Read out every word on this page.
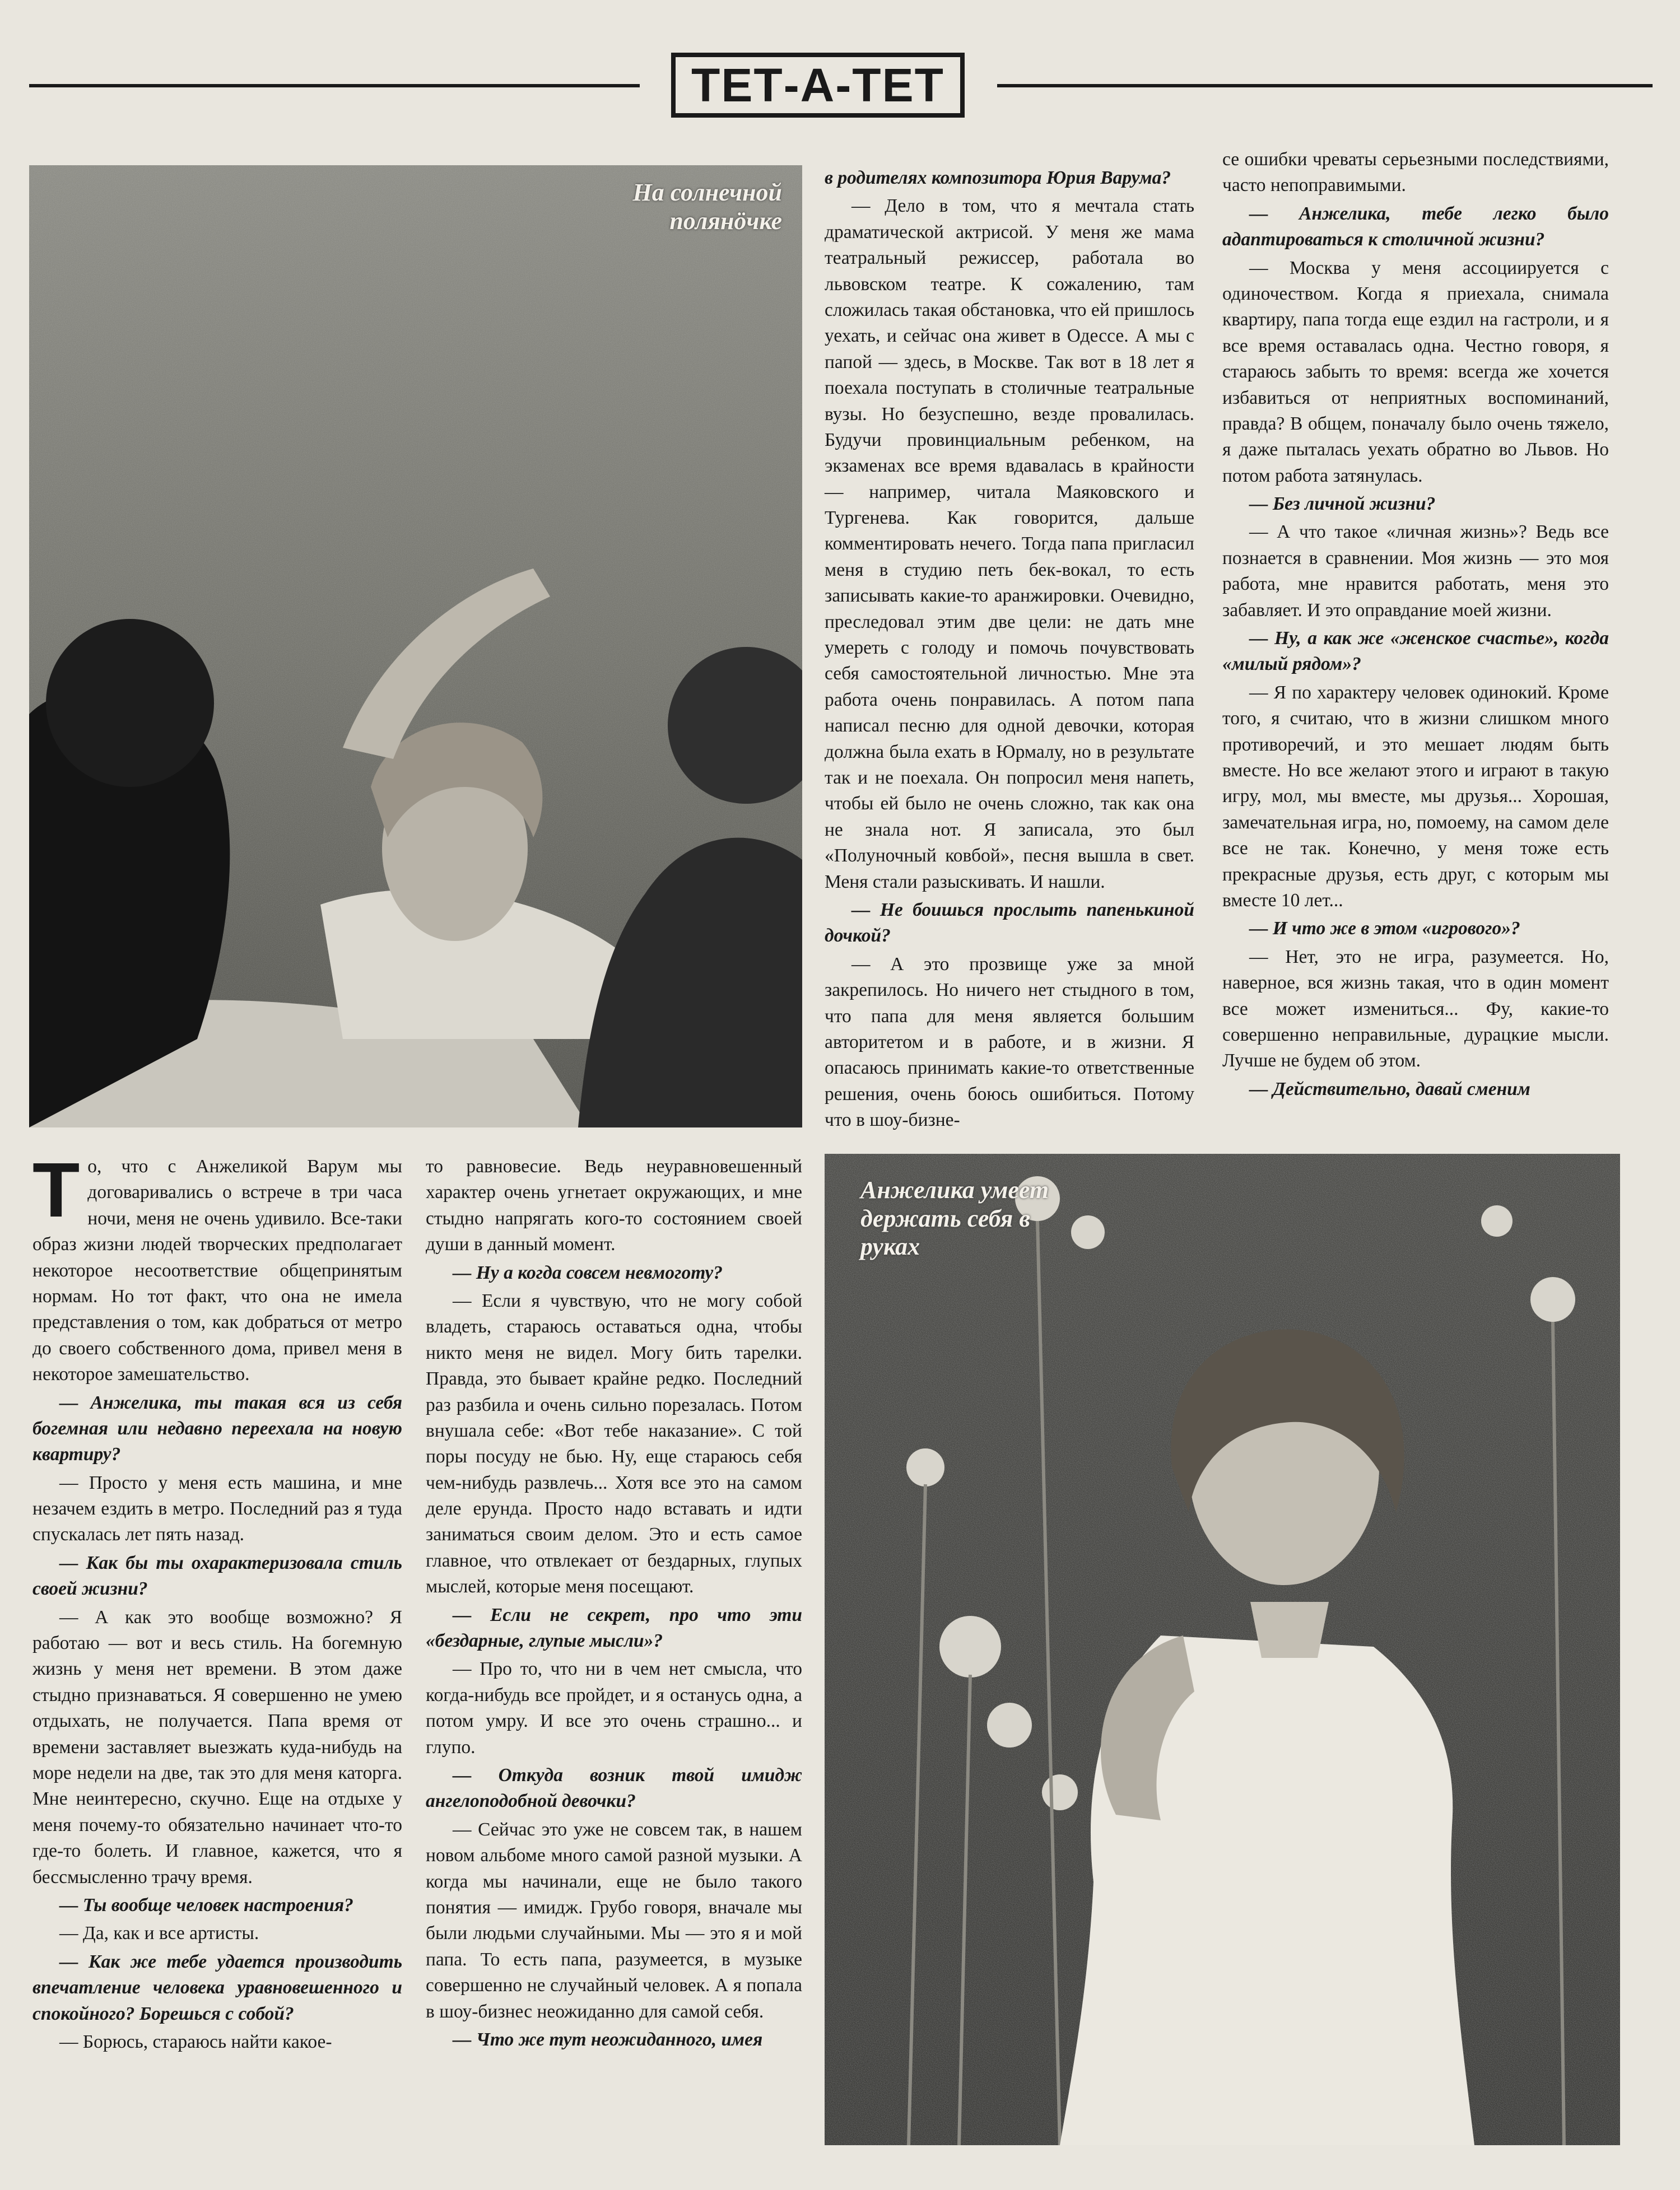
ТЕТ-А-ТЕТ
На солнечной полянöчке
Анжелика умеет держать себя в руках

То, что с Анжеликой Варум мы договаривались о встрече в три часа ночи, меня не очень удивило. Все-таки образ жизни людей творческих предполагает некоторое несоответствие общепринятым нормам. Но тот факт, что она не имела представления о том, как добраться от метро до своего собственного дома, привел меня в некоторое замешательство.

— Анжелика, ты такая вся из себя богемная или недавно переехала на новую квартиру?

— Просто у меня есть машина, и мне незачем ездить в метро. Последний раз я туда спускалась лет пять назад.

— Как бы ты охарактеризовала стиль своей жизни?

— А как это вообще возможно? Я работаю — вот и весь стиль. На богемную жизнь у меня нет времени. В этом даже стыдно признаваться. Я совершенно не умею отдыхать, не получается. Папа время от времени заставляет выезжать куда-нибудь на море недели на две, так это для меня каторга. Мне неинтересно, скучно. Еще на отдыхе у меня почему-то обязательно начинает что-то где-то болеть. И главное, кажется, что я бессмысленно трачу время.

— Ты вообще человек настроения?

— Да, как и все артисты.

— Как же тебе удается производить впечатление человека уравновешенного и спокойного? Борешься с собой?

— Борюсь, стараюсь найти какое-

то равновесие. Ведь неуравновешенный характер очень угнетает окружающих, и мне стыдно напрягать кого-то состоянием своей души в данный момент.

— Ну а когда совсем невмоготу?

— Если я чувствую, что не могу собой владеть, стараюсь оставаться одна, чтобы никто меня не видел. Могу бить тарелки. Правда, это бывает крайне редко. Последний раз разбила и очень сильно порезалась. Потом внушала себе: «Вот тебе наказание». С той поры посуду не бью. Ну, еще стараюсь себя чем-нибудь развлечь... Хотя все это на самом деле ерунда. Просто надо вставать и идти заниматься своим делом. Это и есть самое главное, что отвлекает от бездарных, глупых мыслей, которые меня посещают.

— Если не секрет, про что эти «бездарные, глупые мысли»?

— Про то, что ни в чем нет смысла, что когда-нибудь все пройдет, и я останусь одна, а потом умру. И все это очень страшно... и глупо.

— Откуда возник твой имидж ангелоподобной девочки?

— Сейчас это уже не совсем так, в нашем новом альбоме много самой разной музыки. А когда мы начинали, еще не было такого понятия — имидж. Грубо говоря, вначале мы были людьми случайными. Мы — это я и мой папа. То есть папа, разумеется, в музыке совершенно не случайный человек. А я попала в шоу-бизнес неожиданно для самой себя.

— Что же тут неожиданного, имея

в родителях композитора Юрия Варума?

— Дело в том, что я мечтала стать драматической актрисой. У меня же мама театральный режиссер, работала во львовском театре. К сожалению, там сложилась такая обстановка, что ей пришлось уехать, и сейчас она живет в Одессе. А мы с папой — здесь, в Москве. Так вот в 18 лет я поехала поступать в столичные театральные вузы. Но безуспешно, везде провалилась. Будучи провинциальным ребенком, на экзаменах все время вдавалась в крайности — например, читала Маяковского и Тургенева. Как говорится, дальше комментировать нечего. Тогда папа пригласил меня в студию петь бек-вокал, то есть записывать какие-то аранжировки. Очевидно, преследовал этим две цели: не дать мне умереть с голоду и помочь почувствовать себя самостоятельной личностью. Мне эта работа очень понравилась. А потом папа написал песню для одной девочки, которая должна была ехать в Юрмалу, но в результате так и не поехала. Он попросил меня напеть, чтобы ей было не очень сложно, так как она не знала нот. Я записала, это был «Полуночный ковбой», песня вышла в свет. Меня стали разыскивать. И нашли.

— Не боишься прослыть папенькиной дочкой?

— А это прозвище уже за мной закрепилось. Но ничего нет стыдного в том, что папа для меня является большим авторитетом и в работе, и в жизни. Я опасаюсь принимать какие-то ответственные решения, очень боюсь ошибиться. Потому что в шоу-бизне-

се ошибки чреваты серьезными последствиями, часто непоправимыми.

— Анжелика, тебе легко было адаптироваться к столичной жизни?

— Москва у меня ассоциируется с одиночеством. Когда я приехала, снимала квартиру, папа тогда еще ездил на гастроли, и я все время оставалась одна. Честно говоря, я стараюсь забыть то время: всегда же хочется избавиться от неприятных воспоминаний, правда? В общем, поначалу было очень тяжело, я даже пыталась уехать обратно во Львов. Но потом работа затянулась.

— Без личной жизни?

— А что такое «личная жизнь»? Ведь все познается в сравнении. Моя жизнь — это моя работа, мне нравится работать, меня это забавляет. И это оправдание моей жизни.

— Ну, а как же «женское счастье», когда «милый рядом»?

— Я по характеру человек одинокий. Кроме того, я считаю, что в жизни слишком много противоречий, и это мешает людям быть вместе. Но все желают этого и играют в такую игру, мол, мы вместе, мы друзья... Хорошая, замечательная игра, но, помоему, на самом деле все не так. Конечно, у меня тоже есть прекрасные друзья, есть друг, с которым мы вместе 10 лет...

— И что же в этом «игрового»?

— Нет, это не игра, разумеется. Но, наверное, вся жизнь такая, что в один момент все может измениться... Фу, какие-то совершенно неправильные, дурацкие мысли. Лучше не будем об этом.

— Действительно, давай сменим
